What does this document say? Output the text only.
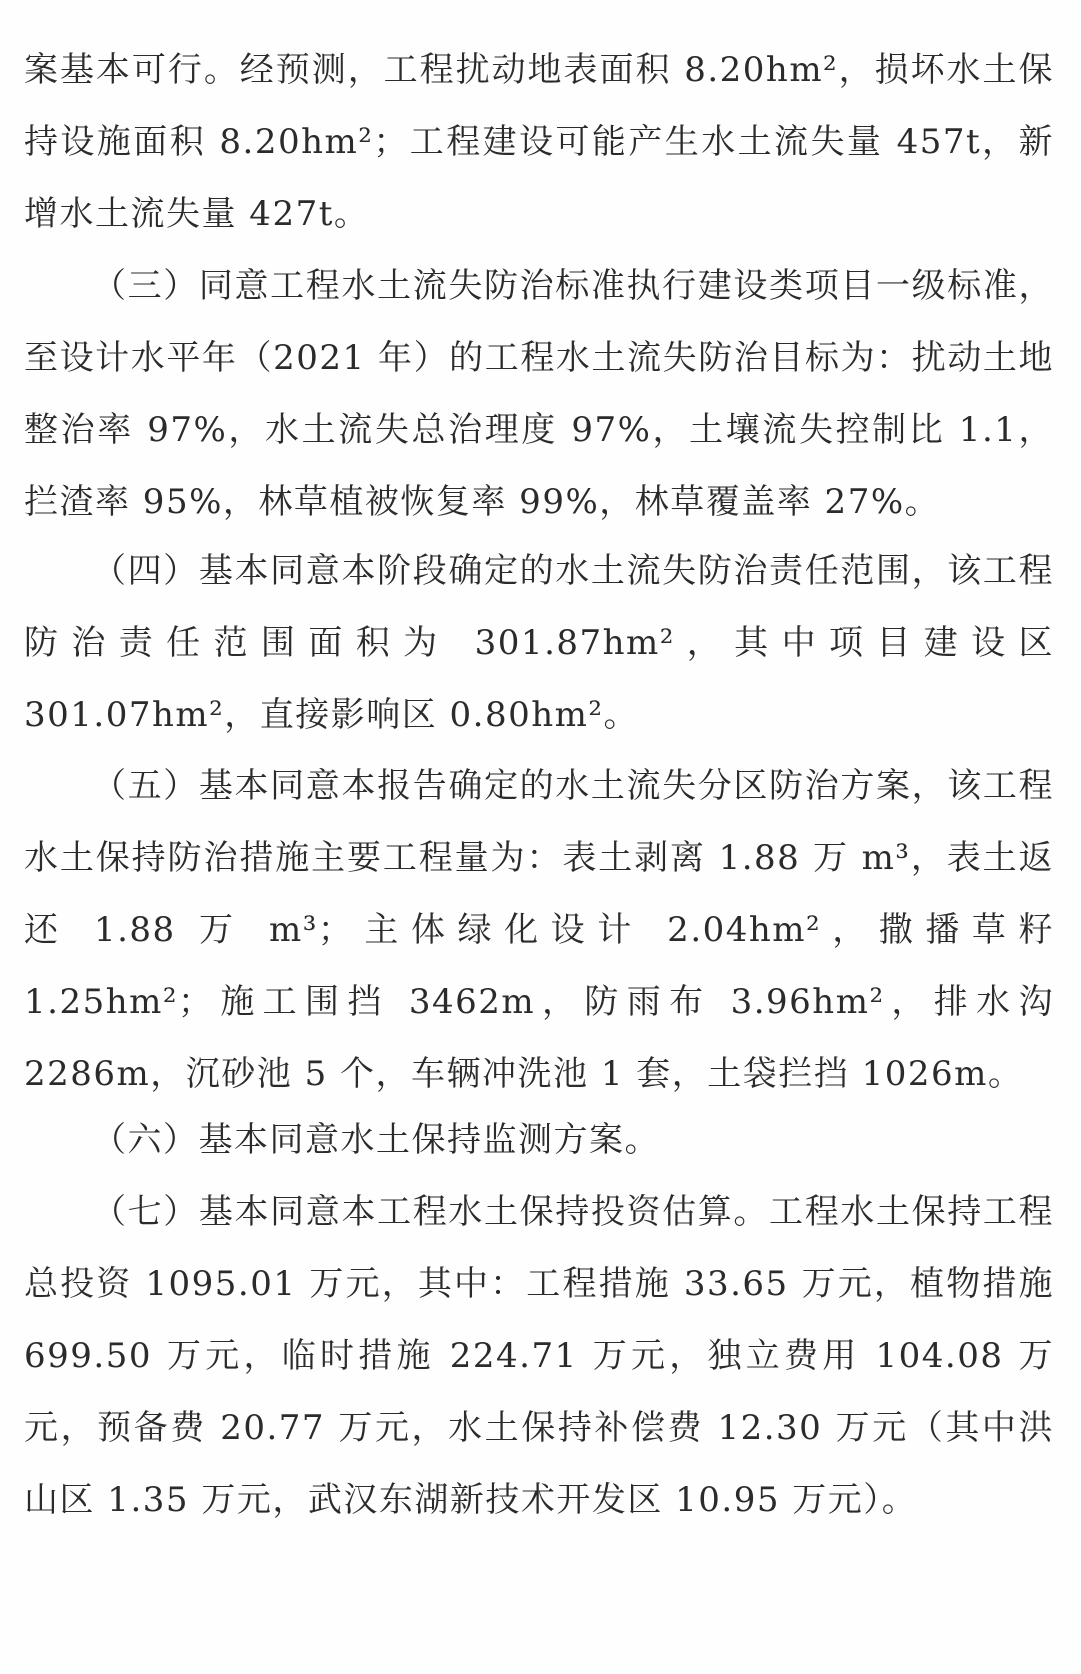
案基本可行。经预测，工程扰动地表面积 8.20hm²，损坏水土保持设施面积 8.20hm²；工程建设可能产生水土流失量 457t，新增水土流失量 427t。

（三）同意工程水土流失防治标准执行建设类项目一级标准，至设计水平年（2021 年）的工程水土流失防治目标为：扰动土地整治率 97%，水土流失总治理度 97%，土壤流失控制比 1.1，拦渣率 95%，林草植被恢复率 99%，林草覆盖率 27%。

（四）基本同意本阶段确定的水土流失防治责任范围，该工程防治责任范围面积为 301.87hm²，其中项目建设区 301.07hm²，直接影响区 0.80hm²。

（五）基本同意本报告确定的水土流失分区防治方案，该工程水土保持防治措施主要工程量为：表土剥离 1.88 万 m³，表土返还 1.88 万 m³；主体绿化设计 2.04hm²，撒播草籽 1.25hm²；施工围挡 3462m，防雨布 3.96hm²，排水沟 2286m，沉砂池 5 个，车辆冲洗池 1 套，土袋拦挡 1026m。

（六）基本同意水土保持监测方案。

（七）基本同意本工程水土保持投资估算。工程水土保持工程总投资 1095.01 万元，其中：工程措施 33.65 万元，植物措施 699.50 万元，临时措施 224.71 万元，独立费用 104.08 万元，预备费 20.77 万元，水土保持补偿费 12.30 万元（其中洪山区 1.35 万元，武汉东湖新技术开发区 10.95 万元）。
